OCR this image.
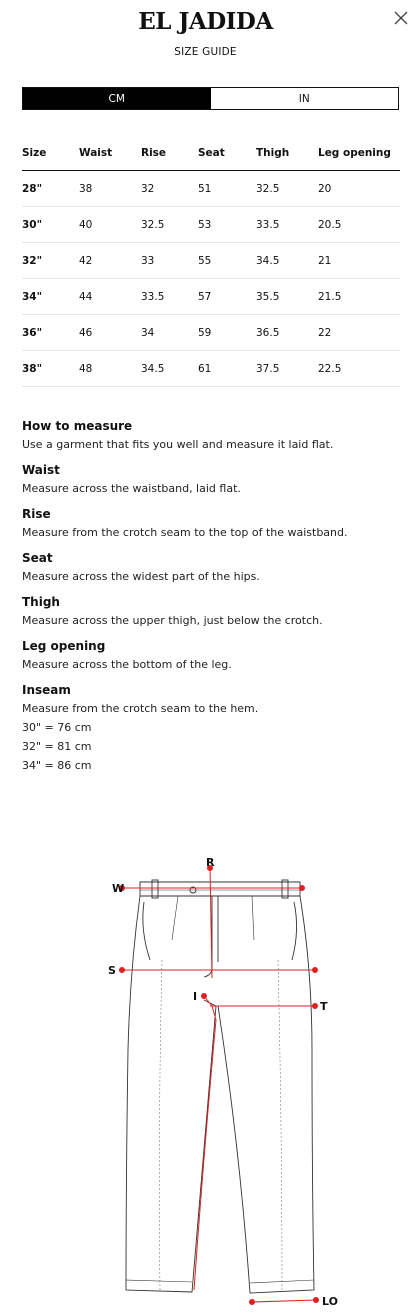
EL JADIDA
SIZE GUIDE
CM	IN
Size	Waist	Rise	Seat	Thigh	Leg opening
28"	38	32	51	32.5	20
30"	40	32.5	53	33.5	20.5
32"	42	33	55	34.5	21
34"	44	33.5	57	35.5	21.5
36"	46	34	59	36.5	22
38"	48	34.5	61	37.5	22.5
How to measure

Use a garment that fits you well and measure it laid flat.

Waist

Measure across the waistband, laid flat.

Rise

Measure from the crotch seam to the top of the waistband.

Seat

Measure across the widest part of the hips.

Thigh

Measure across the upper thigh, just below the crotch.

Leg opening

Measure across the bottom of the leg.

Inseam

Measure from the crotch seam to the hem.

30" = 76 cm

32" = 81 cm

34" = 86 cm

R
W
S
I
T
LO
